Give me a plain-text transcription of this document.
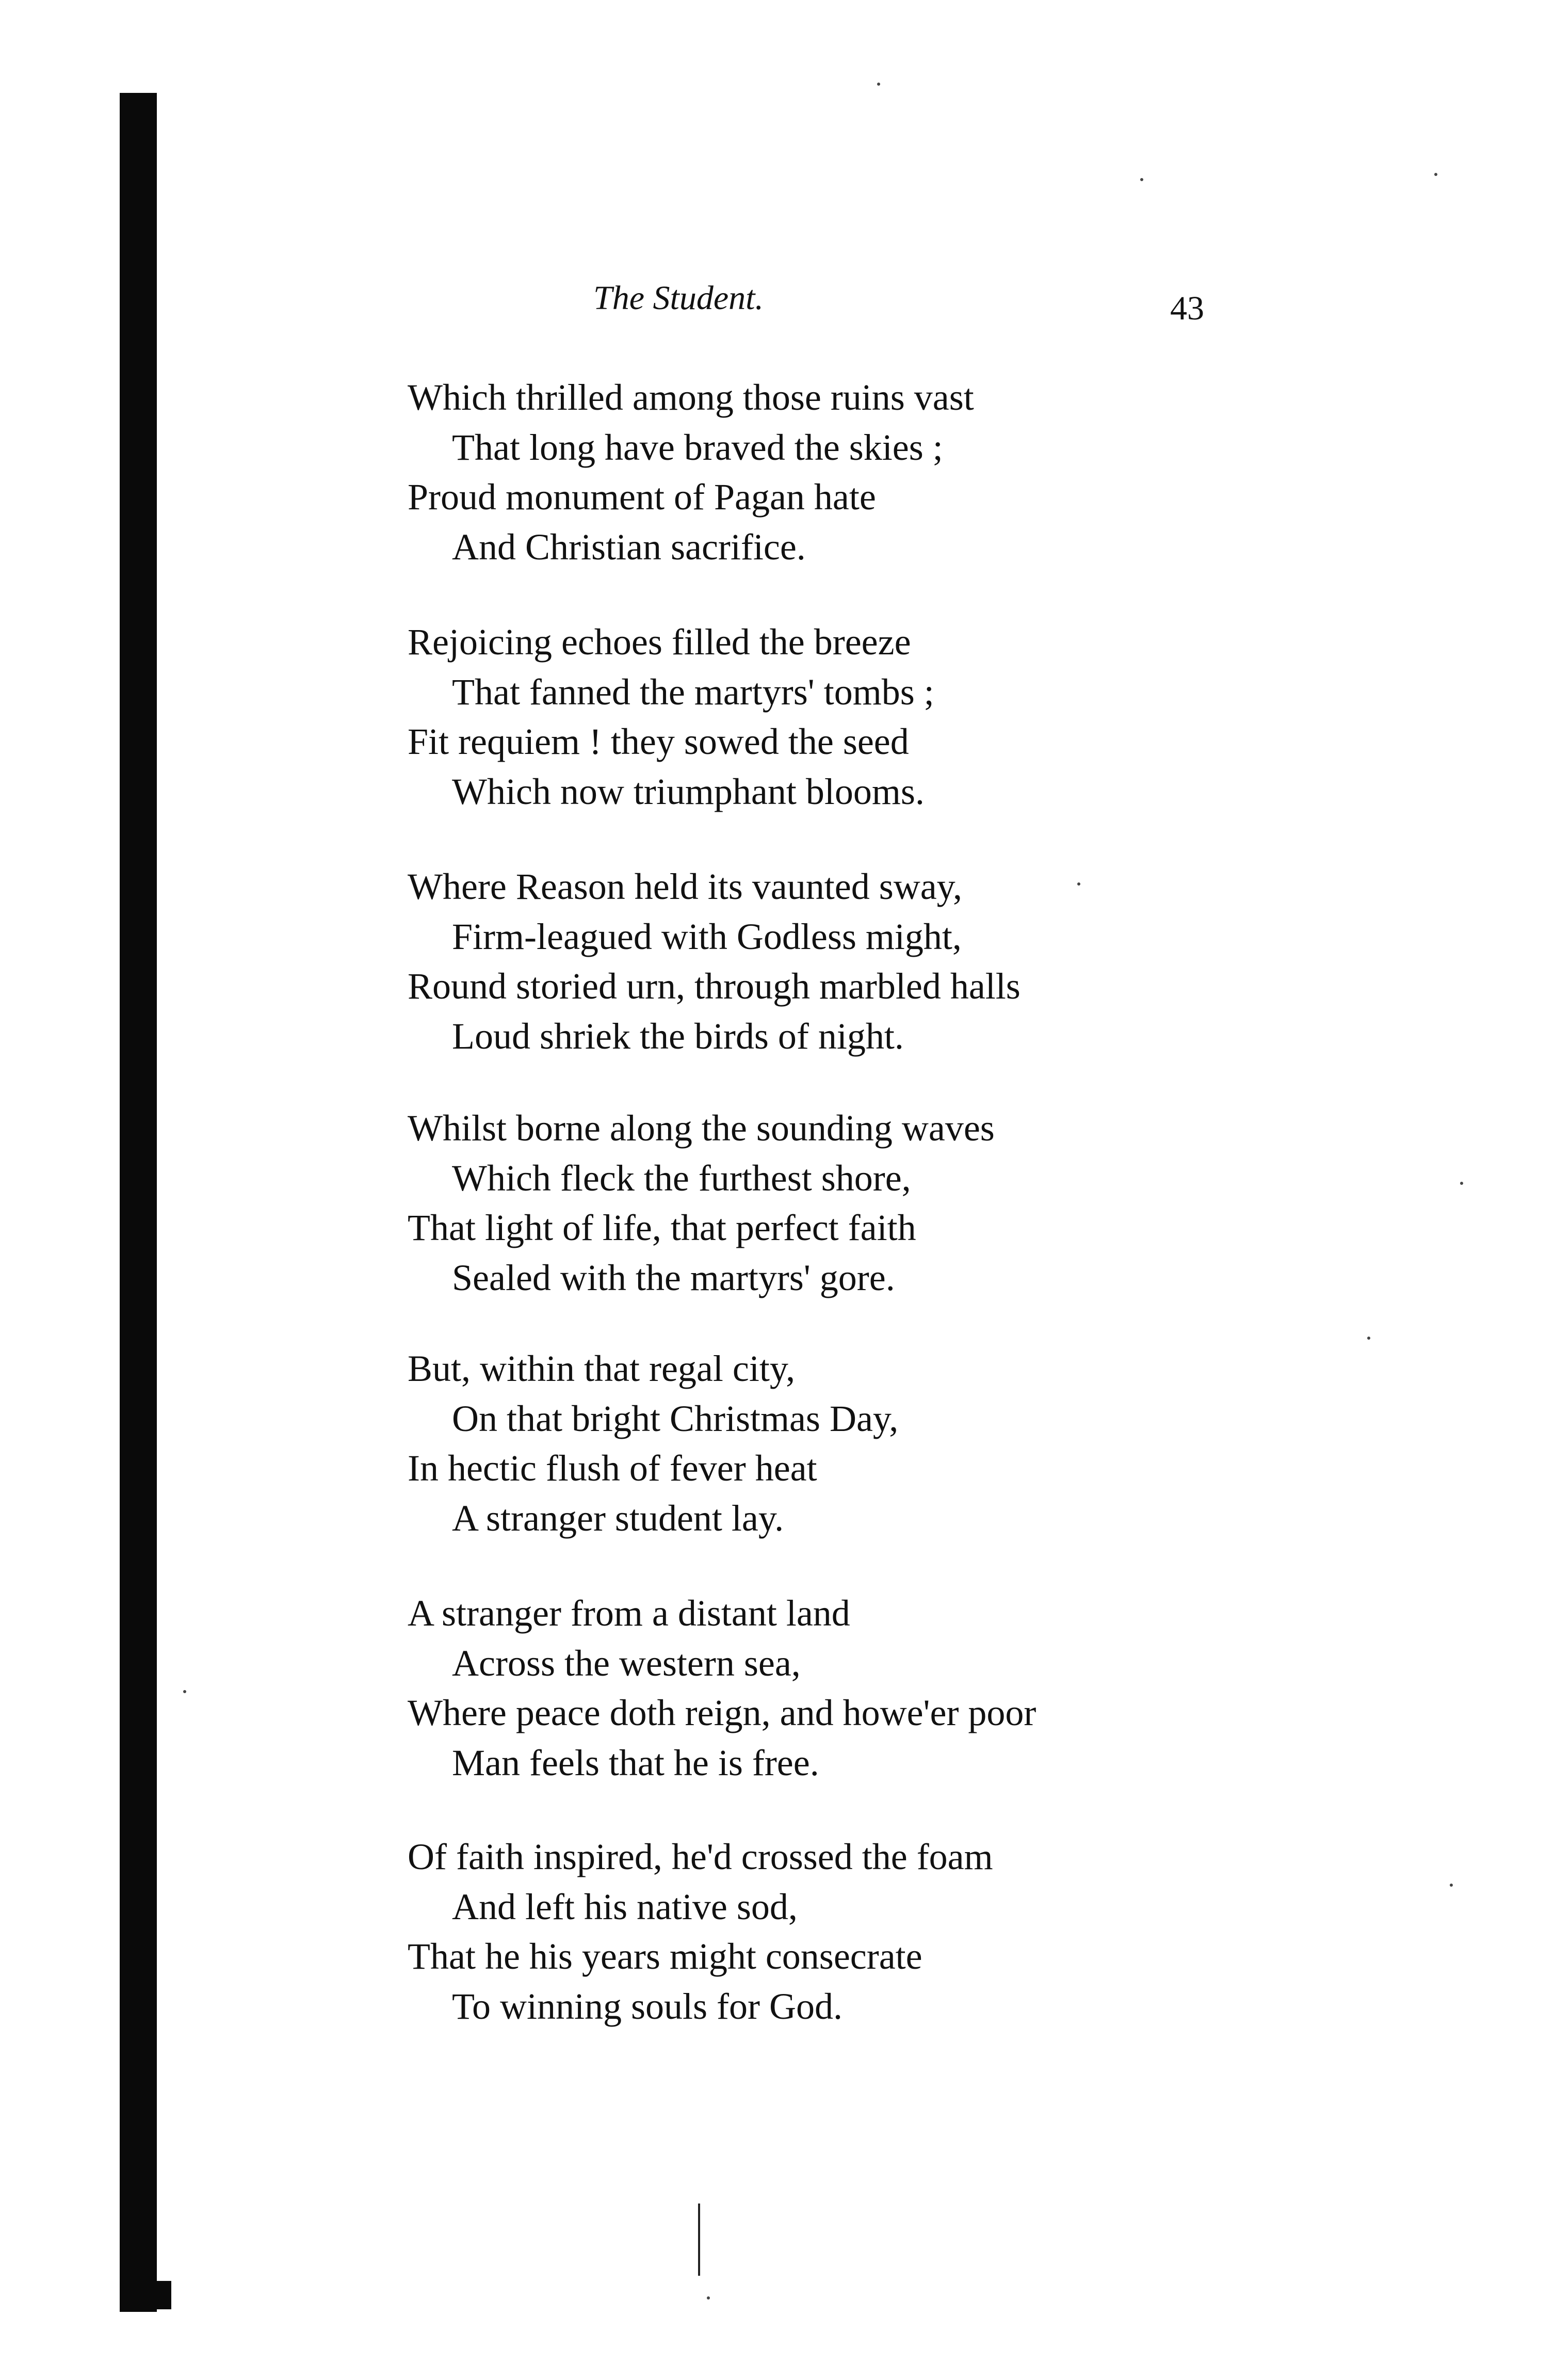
The Student.	43
Which thrilled among those ruins vast
That long have braved the skies ;
Proud monument of Pagan hate
And Christian sacrifice.
Rejoicing echoes filled the breeze
That fanned the martyrs' tombs ;
Fit requiem ! they sowed the seed
Which now triumphant blooms.
Where Reason held its vaunted sway,
Firm-leagued with Godless might,
Round storied urn, through marbled halls
Loud shriek the birds of night.
Whilst borne along the sounding waves
Which fleck the furthest shore,
That light of life, that perfect faith
Sealed with the martyrs' gore.
But, within that regal city,
On that bright Christmas Day,
In hectic flush of fever heat
A stranger student lay.
A stranger from a distant land
Across the western sea,
Where peace doth reign, and howe'er poor
Man feels that he is free.
Of faith inspired, he'd crossed the foam
And left his native sod,
That he his years might consecrate
To winning souls for God.
